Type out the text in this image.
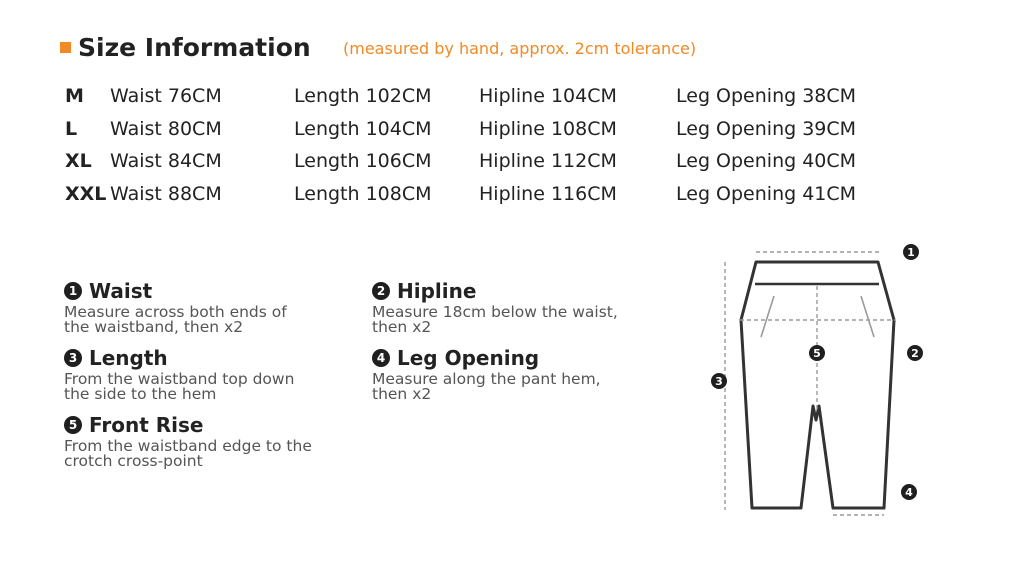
Size Information (measured by hand, approx. 2cm tolerance)
M Waist 76CM	Length 102CM	Hipline 104CM	Leg Opening 38CM
L Waist 80CM	Length 104CM	Hipline 108CM	Leg Opening 39CM
XL Waist 84CM	Length 106CM	Hipline 112CM	Leg Opening 40CM
XXL Waist 88CM	Length 108CM	Hipline 116CM	Leg Opening 41CM
1 Waist
Measure across both ends of
the waistband, then x2
2 Hipline
Measure 18cm below the waist,
then x2
3 Length
From the waistband top down
the side to the hem
4 Leg Opening
Measure along the pant hem,
then x2
5 Front Rise
From the waistband edge to the
crotch cross-point
1
2
3
4
5
